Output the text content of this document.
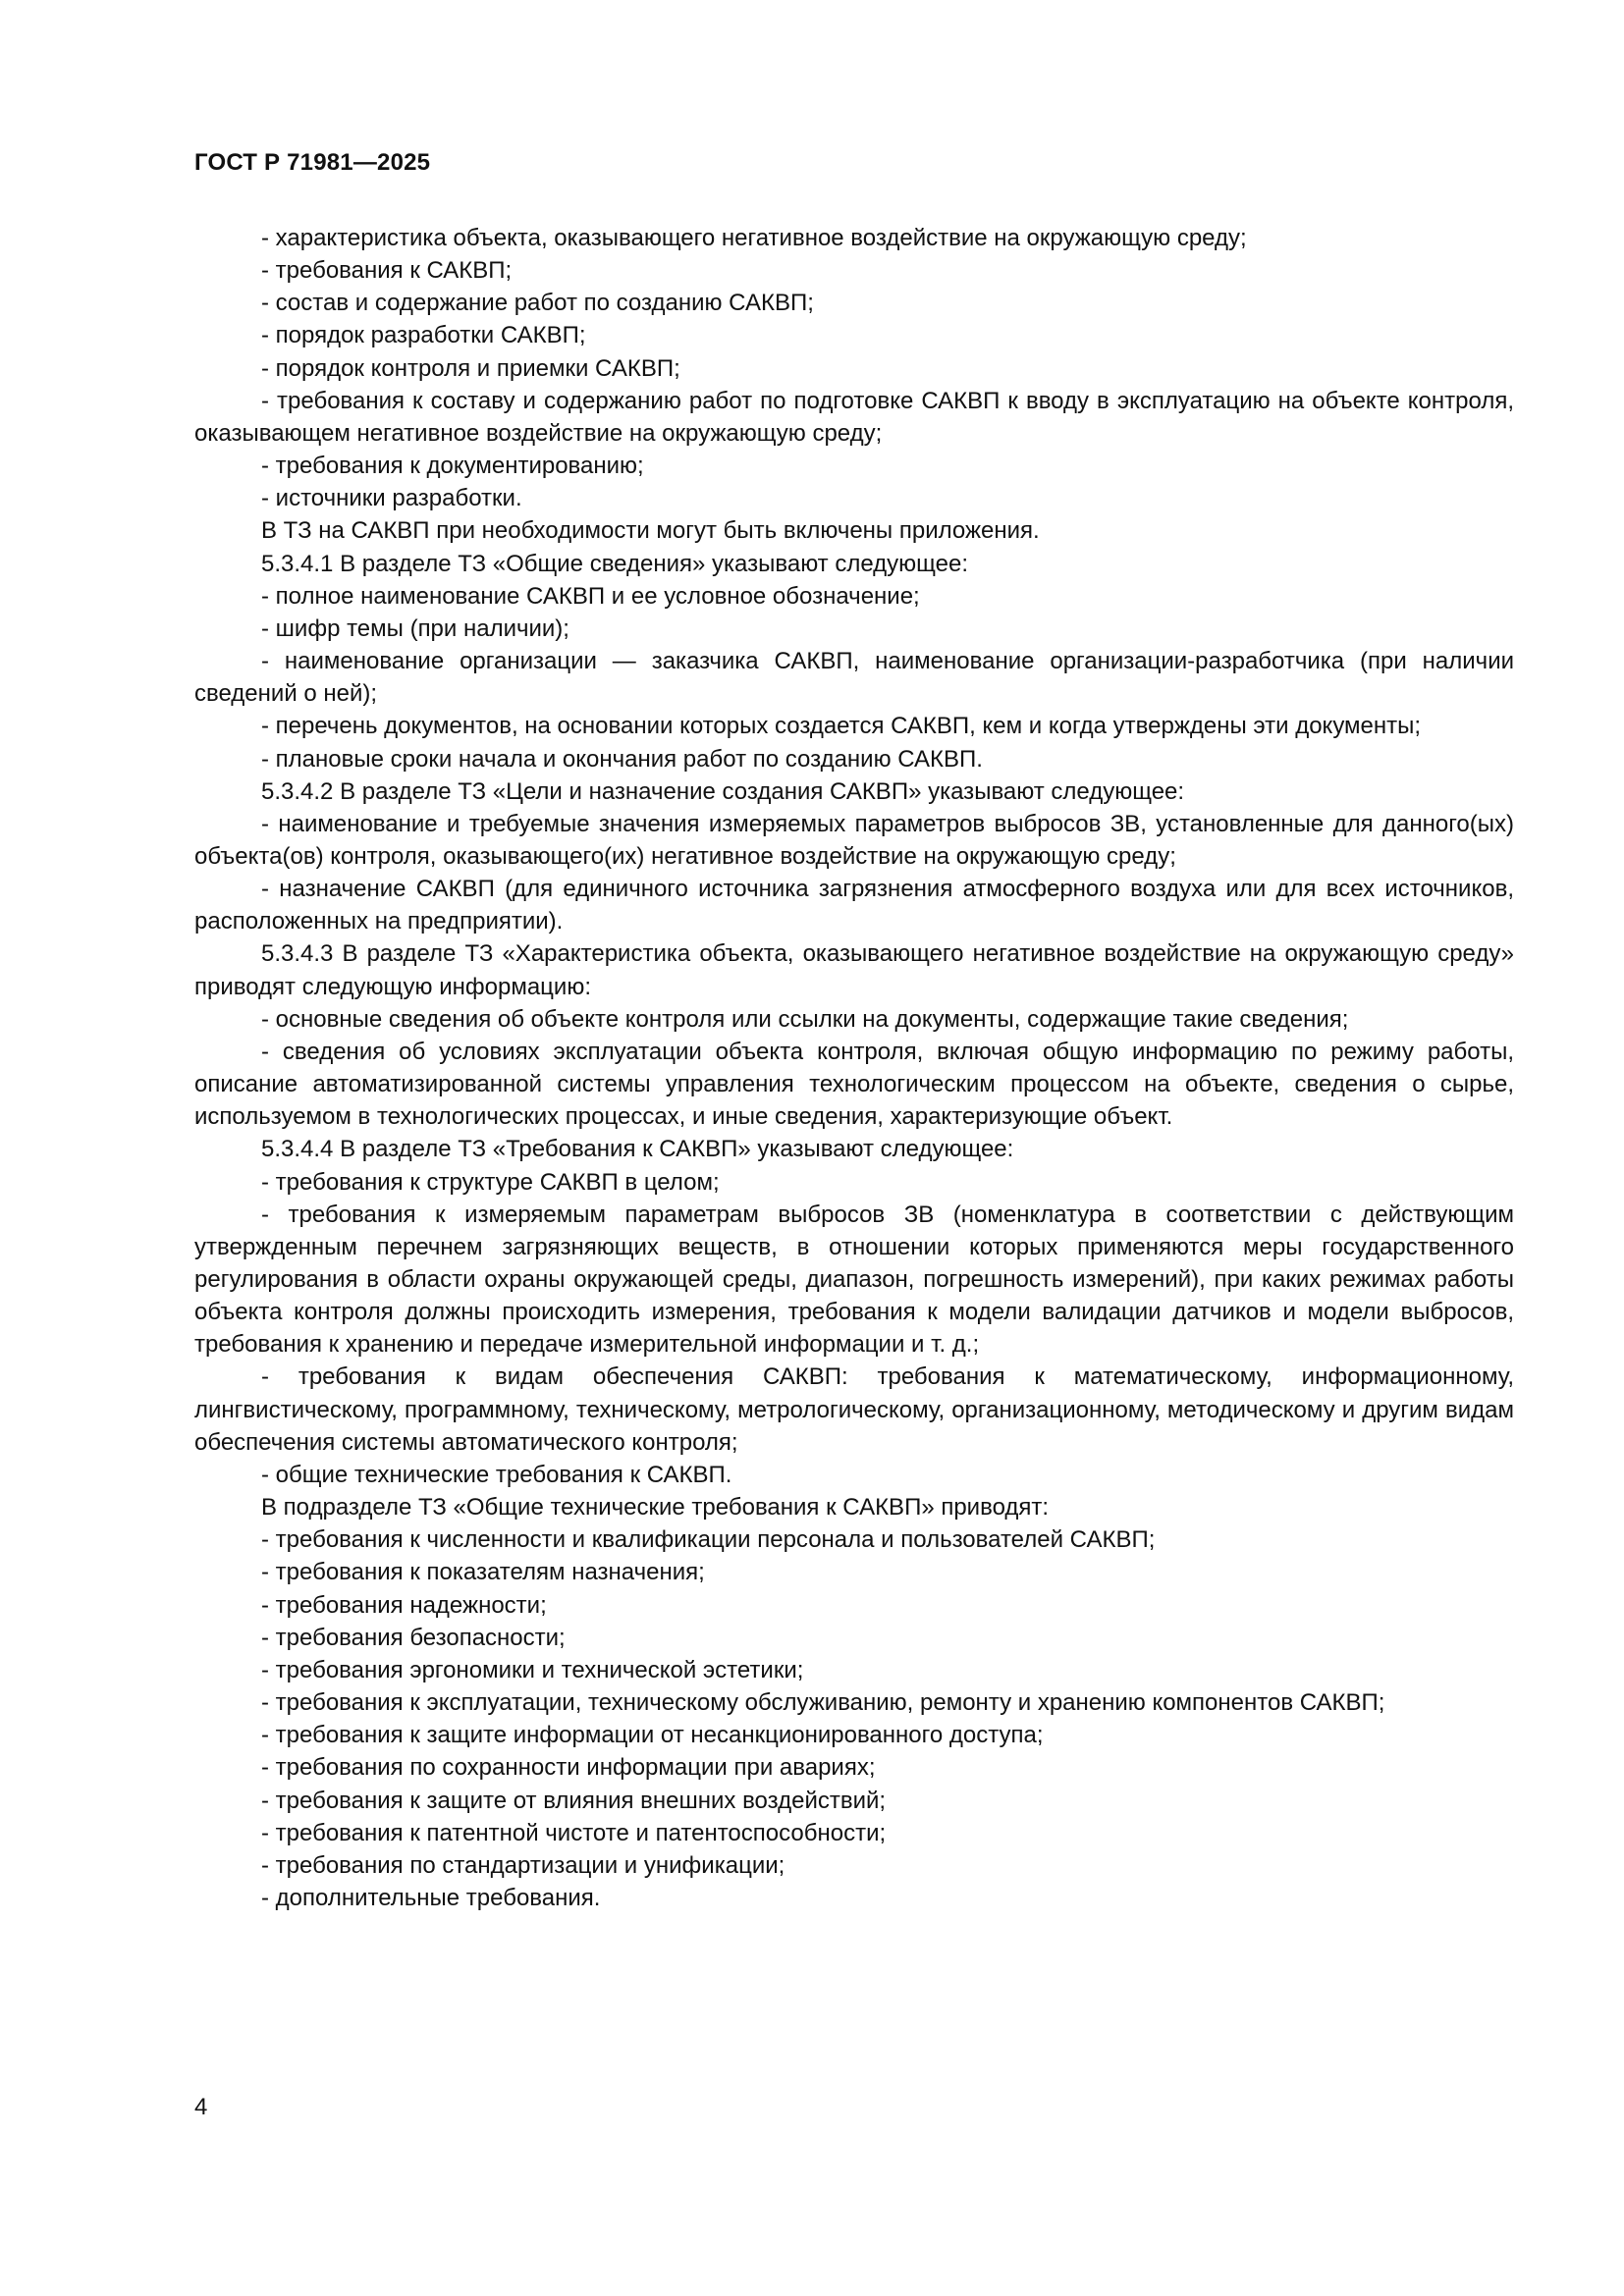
ГОСТ Р 71981—2025

- характеристика объекта, оказывающего негативное воздействие на окружающую среду;

- требования к САКВП;

- состав и содержание работ по созданию САКВП;

- порядок разработки САКВП;

- порядок контроля и приемки САКВП;

- требования к составу и содержанию работ по подготовке САКВП к вводу в эксплуатацию на объекте контроля, оказывающем негативное воздействие на окружающую среду;

- требования к документированию;

- источники разработки.

В ТЗ на САКВП при необходимости могут быть включены приложения.

5.3.4.1 В разделе ТЗ «Общие сведения» указывают следующее:

- полное наименование САКВП и ее условное обозначение;

- шифр темы (при наличии);

- наименование организации — заказчика САКВП, наименование организации-разработчика (при наличии сведений о ней);

- перечень документов, на основании которых создается САКВП, кем и когда утверждены эти документы;

- плановые сроки начала и окончания работ по созданию САКВП.

5.3.4.2 В разделе ТЗ «Цели и назначение создания САКВП» указывают следующее:

- наименование и требуемые значения измеряемых параметров выбросов ЗВ, установленные для данного(ых) объекта(ов) контроля, оказывающего(их) негативное воздействие на окружающую среду;

- назначение САКВП (для единичного источника загрязнения атмосферного воздуха или для всех источников, расположенных на предприятии).

5.3.4.3 В разделе ТЗ «Характеристика объекта, оказывающего негативное воздействие на окружающую среду» приводят следующую информацию:

- основные сведения об объекте контроля или ссылки на документы, содержащие такие сведения;

- сведения об условиях эксплуатации объекта контроля, включая общую информацию по режиму работы, описание автоматизированной системы управления технологическим процессом на объекте, сведения о сырье, используемом в технологических процессах, и иные сведения, характеризующие объект.

5.3.4.4 В разделе ТЗ «Требования к САКВП» указывают следующее:

- требования к структуре САКВП в целом;

- требования к измеряемым параметрам выбросов ЗВ (номенклатура в соответствии с действующим утвержденным перечнем загрязняющих веществ, в отношении которых применяются меры государственного регулирования в области охраны окружающей среды, диапазон, погрешность измерений), при каких режимах работы объекта контроля должны происходить измерения, требования к модели валидации датчиков и модели выбросов, требования к хранению и передаче измерительной информации и т. д.;

- требования к видам обеспечения САКВП: требования к математическому, информационному, лингвистическому, программному, техническому, метрологическому, организационному, методическому и другим видам обеспечения системы автоматического контроля;

- общие технические требования к САКВП.

В подразделе ТЗ «Общие технические требования к САКВП» приводят:

- требования к численности и квалификации персонала и пользователей САКВП;

- требования к показателям назначения;

- требования надежности;

- требования безопасности;

- требования эргономики и технической эстетики;

- требования к эксплуатации, техническому обслуживанию, ремонту и хранению компонентов САКВП;

- требования к защите информации от несанкционированного доступа;

- требования по сохранности информации при авариях;

- требования к защите от влияния внешних воздействий;

- требования к патентной чистоте и патентоспособности;

- требования по стандартизации и унификации;

- дополнительные требования.

4
